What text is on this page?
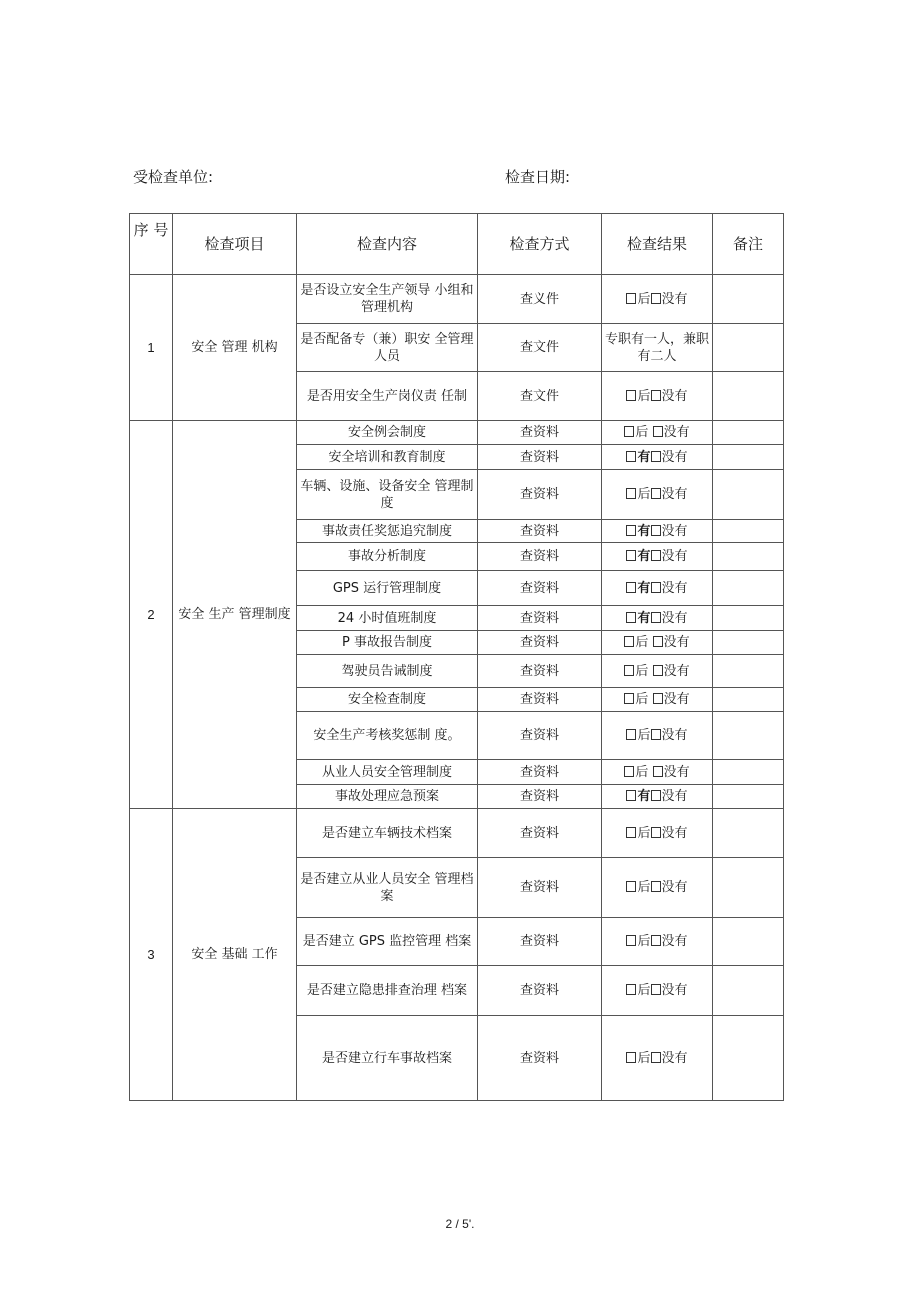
受检查单位:	检查日期:
序 号	检查项目	检查内容	检查方式	检查结果	备注
1	安全 管理 机构	是否设立安全生产领导 小组和管理机构	查义件	后 没有	
		是否配备专（兼）职安 全管理人员	查文件	专职有一人，兼职有二人	
		是否用安全生产岗仪责 任制	查文件	后 没有	
2	安全 生产 管理制度	安全例会制度	查资料	后 没有	
		安全培训和教育制度	查资料	有 没有	
		车辆、设施、设备安全 管理制度	查资料	后 没有	
		事故责任奖惩追究制度	查资料	有 没有	
		事故分析制度	查资料	有 没有	
		GPS 运行管理制度	查资料	有 没有	
		24 小时值班制度	查资料	有 没有	
		P 事故报告制度	查资料	后 没有	
		驾驶员告诫制度	查资料	后 没有	
		安全检查制度	查资料	后 没有	
		安全生产考核奖惩制 度。	查资料	后 没有	
		从业人员安全管理制度	查资料	后 没有	
		事故处理应急预案	查资料	有 没有	
3	安全 基础 工作	是否建立车辆技术档案	查资料	后 没有	
		是否建立从业人员安全 管理档案	查资料	后 没有	
		是否建立 GPS 监控管理 档案	查资料	后 没有	
		是否建立隐患排查治理 档案	查资料	后 没有	
		是否建立行车事故档案	查资料	后 没有	
2 / 5'.
